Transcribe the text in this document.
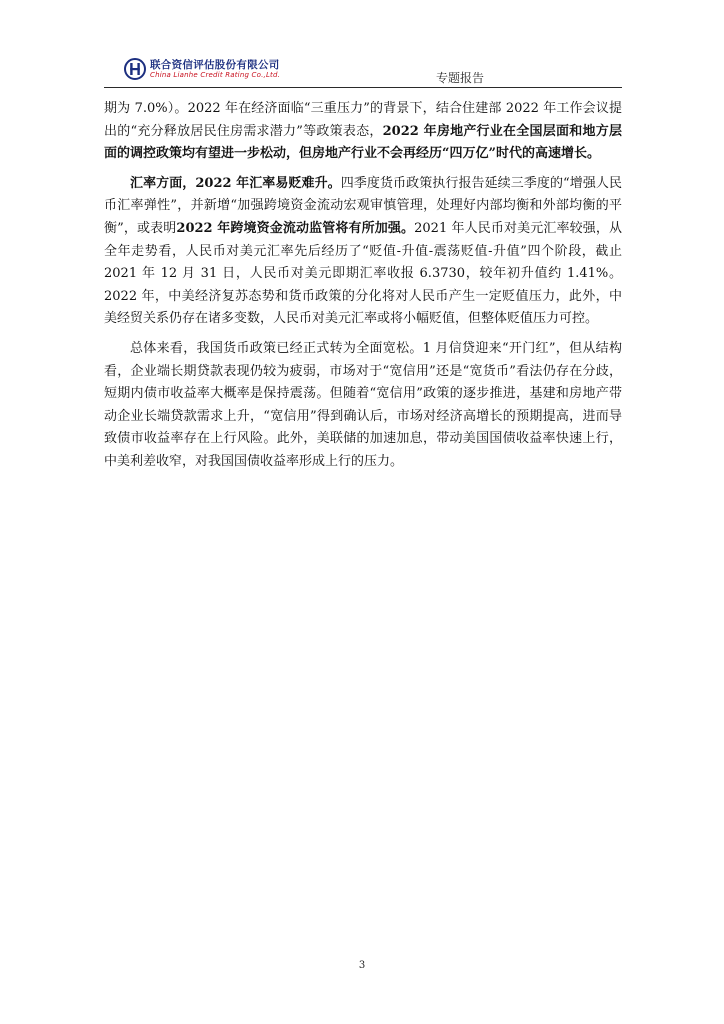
联合资信评估股份有限公司
China Lianhe Credit Rating Co.,Ltd.	专题报告

期为 7.0%）。2022 年在经济面临“三重压力”的背景下，结合住建部 2022 年工作会议提出的“充分释放居民住房需求潜力”等政策表态，2022 年房地产行业在全国层面和地方层面的调控政策均有望进一步松动，但房地产行业不会再经历“四万亿”时代的高速增长。

汇率方面，2022 年汇率易贬难升。四季度货币政策执行报告延续三季度的“增强人民币汇率弹性”，并新增“加强跨境资金流动宏观审慎管理，处理好内部均衡和外部均衡的平衡”，或表明2022 年跨境资金流动监管将有所加强。2021 年人民币对美元汇率较强，从全年走势看，人民币对美元汇率先后经历了“贬值-升值-震荡贬值-升值”四个阶段，截止 2021 年 12 月 31 日，人民币对美元即期汇率收报 6.3730，较年初升值约 1.41%。2022 年，中美经济复苏态势和货币政策的分化将对人民币产生一定贬值压力，此外，中美经贸关系仍存在诸多变数，人民币对美元汇率或将小幅贬值，但整体贬值压力可控。

总体来看，我国货币政策已经正式转为全面宽松。1 月信贷迎来“开门红”，但从结构看，企业端长期贷款表现仍较为疲弱，市场对于“宽信用”还是“宽货币”看法仍存在分歧，短期内债市收益率大概率是保持震荡。但随着“宽信用”政策的逐步推进，基建和房地产带动企业长端贷款需求上升，“宽信用”得到确认后，市场对经济高增长的预期提高，进而导致债市收益率存在上行风险。此外，美联储的加速加息，带动美国国债收益率快速上行，中美利差收窄，对我国国债收益率形成上行的压力。

3
